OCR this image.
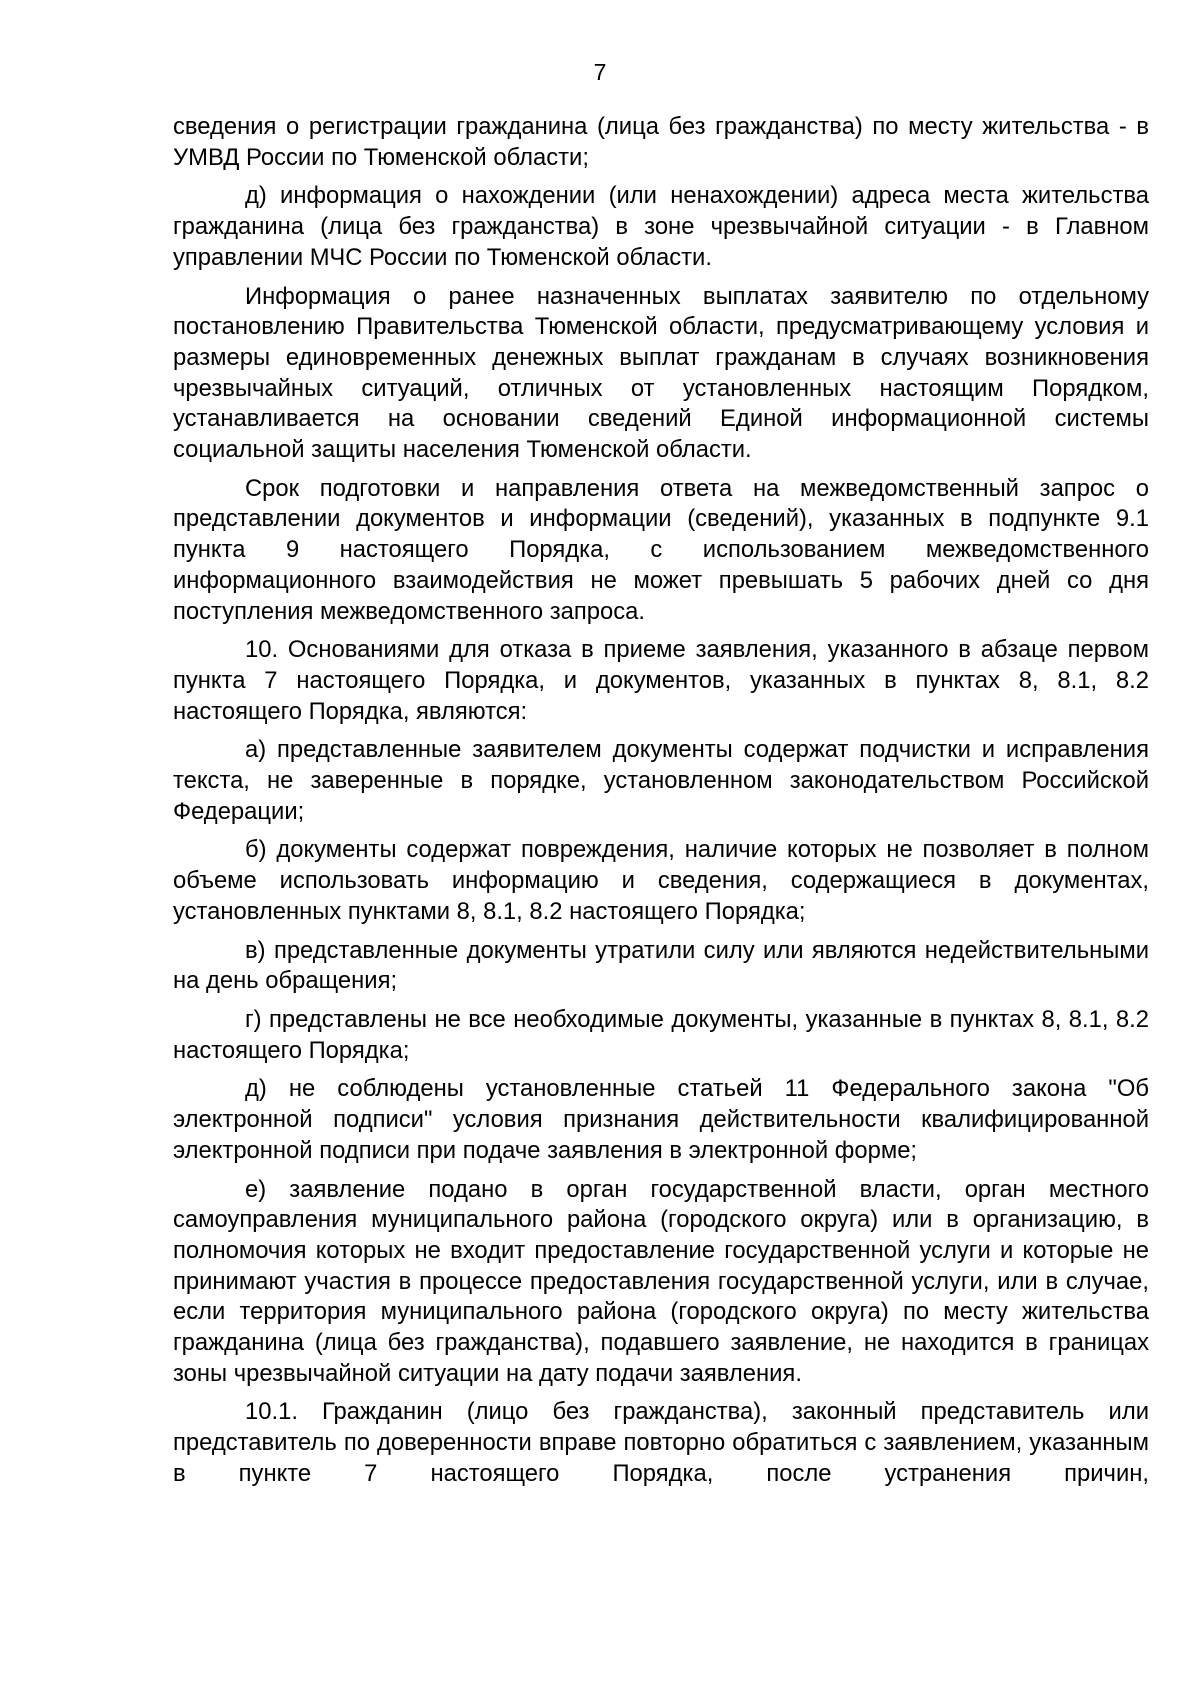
7

сведения о регистрации гражданина (лица без гражданства) по месту жительства - в УМВД России по Тюменской области;

д) информация о нахождении (или ненахождении) адреса места жительства гражданина (лица без гражданства) в зоне чрезвычайной ситуации - в Главном управлении МЧС России по Тюменской области.

Информация о ранее назначенных выплатах заявителю по отдельному постановлению Правительства Тюменской области, предусматривающему условия и размеры единовременных денежных выплат гражданам в случаях возникновения чрезвычайных ситуаций, отличных от установленных настоящим Порядком, устанавливается на основании сведений Единой информационной системы социальной защиты населения Тюменской области.

Срок подготовки и направления ответа на межведомственный запрос о представлении документов и информации (сведений), указанных в подпункте 9.1 пункта 9 настоящего Порядка, с использованием межведомственного информационного взаимодействия не может превышать 5 рабочих дней со дня поступления межведомственного запроса.

10. Основаниями для отказа в приеме заявления, указанного в абзаце первом пункта 7 настоящего Порядка, и документов, указанных в пунктах 8, 8.1, 8.2 настоящего Порядка, являются:

а) представленные заявителем документы содержат подчистки и исправления текста, не заверенные в порядке, установленном законодательством Российской Федерации;

б) документы содержат повреждения, наличие которых не позволяет в полном объеме использовать информацию и сведения, содержащиеся в документах, установленных пунктами 8, 8.1, 8.2 настоящего Порядка;

в) представленные документы утратили силу или являются недействительными на день обращения;

г) представлены не все необходимые документы, указанные в пунктах 8, 8.1, 8.2 настоящего Порядка;

д) не соблюдены установленные статьей 11 Федерального закона "Об электронной подписи" условия признания действительности квалифицированной электронной подписи при подаче заявления в электронной форме;

е) заявление подано в орган государственной власти, орган местного самоуправления муниципального района (городского округа) или в организацию, в полномочия которых не входит предоставление государственной услуги и которые не принимают участия в процессе предоставления государственной услуги, или в случае, если территория муниципального района (городского округа) по месту жительства гражданина (лица без гражданства), подавшего заявление, не находится в границах зоны чрезвычайной ситуации на дату подачи заявления.

10.1. Гражданин (лицо без гражданства), законный представитель или представитель по доверенности вправе повторно обратиться с заявлением, указанным в пункте 7 настоящего Порядка, после устранения причин,
